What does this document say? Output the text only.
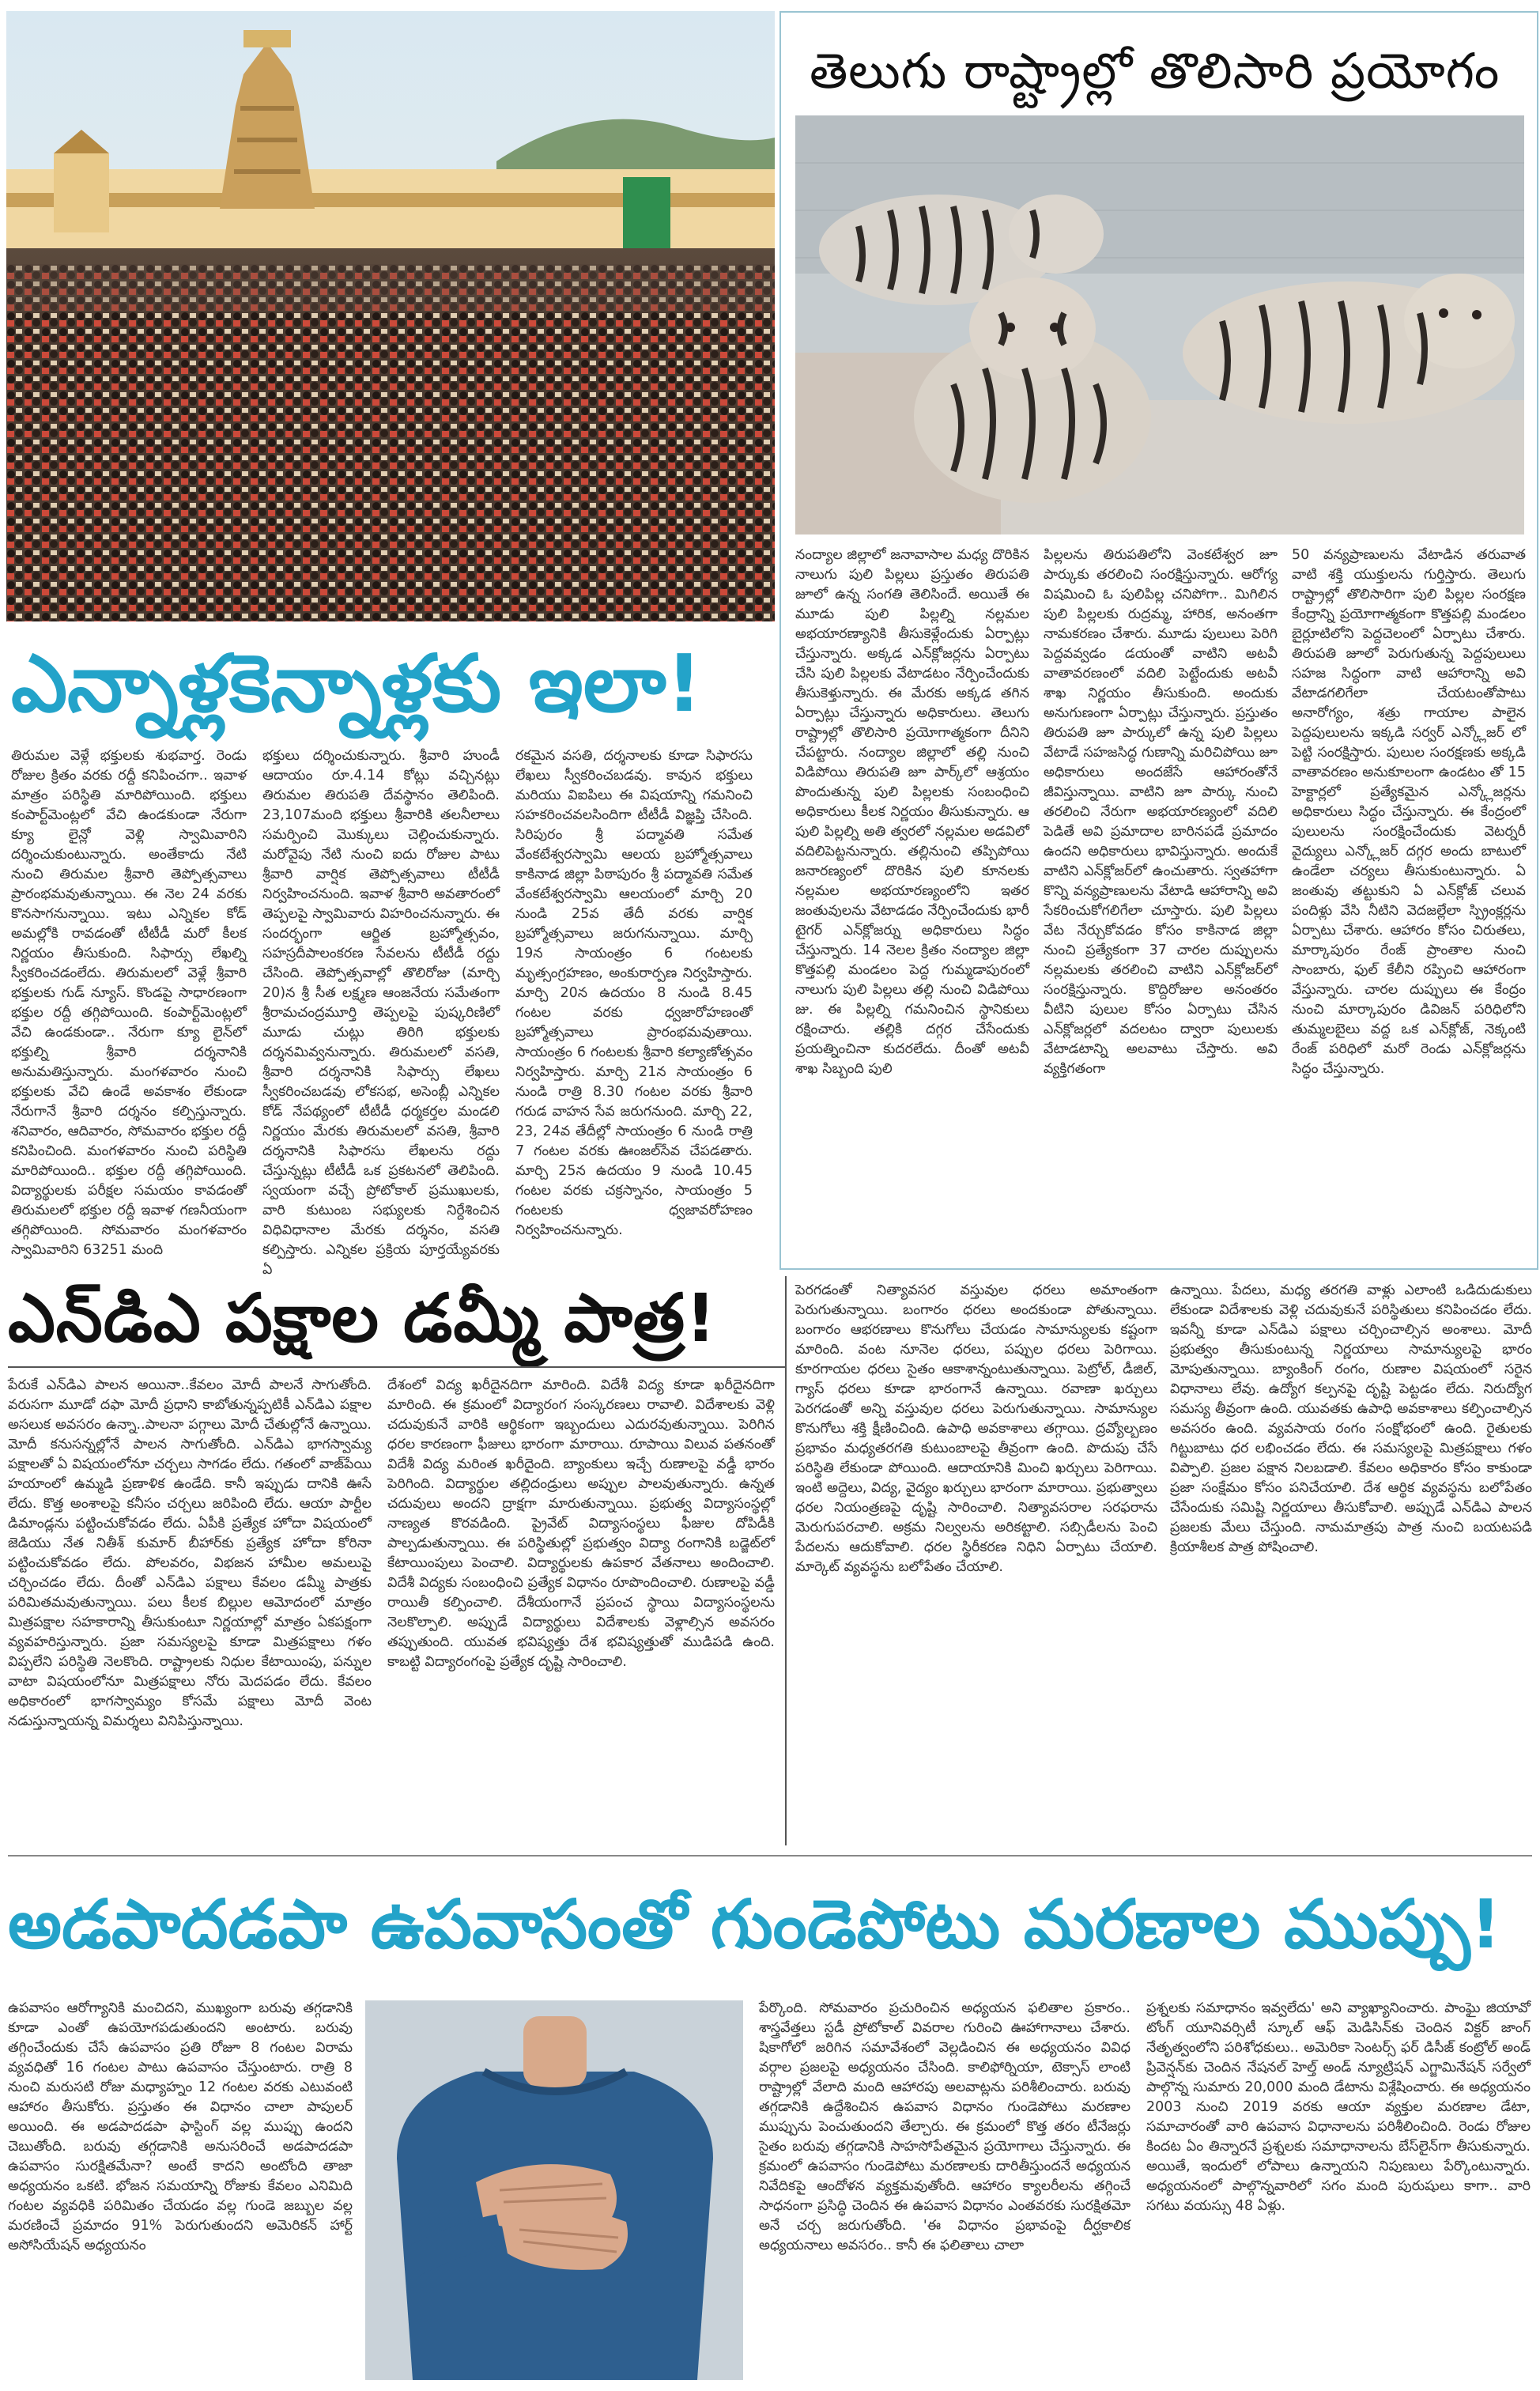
ఎన్నాళ్లకెన్నాళ్లకు ఇలా!
తిరుమల వెళ్లే భక్తులకు శుభవార్త. రెండు రోజుల క్రితం వరకు రద్దీ కనిపించగా.. ఇవాళ మాత్రం పరిస్థితి మారిపోయింది. భక్తులు కంపార్ట్‌మెంట్లలో వేచి ఉండకుండా నేరుగా క్యూ లైన్లో వెళ్లి స్వామివారిని దర్శించుకుంటున్నారు. అంతేకాదు నేటి నుంచి తిరుమల శ్రీవారి తెప్పోత్సవాలు ప్రారంభమవుతున్నాయి. ఈ నెల 24 వరకు కొనసాగనున్నాయి. ఇటు ఎన్నికల కోడ్ అమల్లోకి రావడంతో టీటీడీ మరో కీలక నిర్ణయం తీసుకుంది. సిఫార్సు లేఖల్ని స్వీకరించడంలేదు. తిరుమలలో వెళ్లే శ్రీవారి భక్తులకు గుడ్ న్యూస్. కొండపై సాధారణంగా భక్తుల రద్దీ తగ్గిపోయింది. కంపార్ట్‌మెంట్లలో వేచి ఉండకుండా.. నేరుగా క్యూ లైన్‌లో భక్తుల్ని శ్రీవారి దర్శనానికి అనుమతిస్తున్నారు. మంగళవారం నుంచి భక్తులకు వేచి ఉండే అవకాశం లేకుండా నేరుగానే శ్రీవారి దర్శనం కల్పిస్తున్నారు. శనివారం, ఆదివారం, సోమవారం భక్తుల రద్దీ కనిపించింది. మంగళవారం నుంచి పరిస్థితి మారిపోయింది.. భక్తుల రద్దీ తగ్గిపోయింది. విద్యార్థులకు పరీక్షల సమయం కావడంతో తిరుమలలో భక్తుల రద్దీ ఇవాళ గణనీయంగా తగ్గిపోయింది. సోమవారం మంగళవారం స్వామివారిని 63251 మంది
భక్తులు దర్శించుకున్నారు. శ్రీవారి హుండీ ఆదాయం రూ.4.14 కోట్లు వచ్చినట్లు తిరుమల తిరుపతి దేవస్థానం తెలిపింది. 23,107మంది భక్తులు శ్రీవారికి తలనీలాలు సమర్పించి మొక్కులు చెల్లించుకున్నారు. మరోవైపు నేటి నుంచి ఐదు రోజుల పాటు శ్రీవారి వార్షిక తెప్పోత్సవాలు టీటీడీ నిర్వహించనుంది. ఇవాళ శ్రీవారి అవతారంలో తెప్పలపై స్వామివారు విహరించనున్నారు. ఈ సందర్భంగా ఆర్జిత బ్రహ్మోత్సవం, సహస్రదీపాలంకరణ సేవలను టీటీడీ రద్దు చేసింది. తెప్పోత్సవాల్లో తొలిరోజు (మార్చి 20)న శ్రీ సీత లక్ష్మణ ఆంజనేయ సమేతంగా శ్రీరామచంద్రమూర్తి తెప్పలపై పుష్కరిణిలో మూడు చుట్లు తిరిగి భక్తులకు దర్శనమివ్వనున్నారు. తిరుమలలో వసతి, శ్రీవారి దర్శనానికి సిఫార్సు లేఖలు స్వీకరించబడవు లోకసభ, అసెంబ్లీ ఎన్నికల కోడ్ నేపథ్యంలో టీటీడీ ధర్మకర్తల మండలి నిర్ణయం మేరకు తిరుమలలో వసతి, శ్రీవారి దర్శనానికి సిఫారసు లేఖలను రద్దు చేస్తున్నట్లు టీటీడీ ఒక ప్రకటనలో తెలిపింది. స్వయంగా వచ్చే ప్రోటోకాల్ ప్రముఖులకు, వారి కుటుంబ సభ్యులకు నిర్దేశించిన విధివిధానాల మేరకు దర్శనం, వసతి కల్పిస్తారు. ఎన్నికల ప్రక్రియ పూర్తయ్యేవరకు ఏ
రకమైన వసతి, దర్శనాలకు కూడా సిఫారసు లేఖలు స్వీకరించబడవు. కావున భక్తులు మరియు విఐపిలు ఈ విషయాన్ని గమనించి సహకరించవలసిందిగా టీటీడీ విజ్ఞప్తి చేసింది. సిరిపురం శ్రీ పద్మావతి సమేత వేంకటేశ్వరస్వామి ఆలయ బ్రహ్మోత్సవాలు కాకినాడ జిల్లా పిఠాపురం శ్రీ పద్మావతి సమేత వేంకటేశ్వరస్వామి ఆలయంలో మార్చి 20 నుండి 25వ తేదీ వరకు వార్షిక బ్రహ్మోత్సవాలు జరుగనున్నాయి. మార్చి 19న సాయంత్రం 6 గంటలకు మృత్సంగ్రహణం, అంకురార్పణ నిర్వహిస్తారు. మార్చి 20న ఉదయం 8 నుండి 8.45 గంటల వరకు ధ్వజారోహణంతో బ్రహ్మోత్సవాలు ప్రారంభమవుతాయి. సాయంత్రం 6 గంటలకు శ్రీవారి కల్యాణోత్సవం నిర్వహిస్తారు. మార్చి 21న సాయంత్రం 6 నుండి రాత్రి 8.30 గంటల వరకు శ్రీవారి గరుడ వాహన సేవ జరుగనుంది. మార్చి 22, 23, 24వ తేదీల్లో సాయంత్రం 6 నుండి రాత్రి 7 గంటల వరకు ఊంజల్‌సేవ చేపడతారు. మార్చి 25న ఉదయం 9 నుండి 10.45 గంటల వరకు చక్రస్నానం, సాయంత్రం 5 గంటలకు ధ్వజావరోహణం నిర్వహించనున్నారు.
తెలుగు రాష్ట్రాల్లో తొలిసారి ప్రయోగం
నంద్యాల జిల్లాలో జనావాసాల మధ్య దొరికిన నాలుగు పులి పిల్లలు ప్రస్తుతం తిరుపతి జూలో ఉన్న సంగతి తెలిసిందే. అయితే ఈ మూడు పులి పిల్లల్ని నల్లమల అభయారణ్యానికి తీసుకెళ్లేందుకు ఏర్పాట్లు చేస్తున్నారు. అక్కడ ఎన్‌క్లోజర్లను ఏర్పాటు చేసి పులి పిల్లలకు వేటాడటం నేర్పించేందుకు తీసుకెళ్తున్నారు. ఈ మేరకు అక్కడ తగిన ఏర్పాట్లు చేస్తున్నారు అధికారులు. తెలుగు రాష్ట్రాల్లో తొలిసారి ప్రయోగాత్మకంగా దీనిని చేపట్టారు. నంద్యాల జిల్లాలో తల్లి నుంచి విడిపోయి తిరుపతి జూ పార్క్‌లో ఆశ్రయం పొందుతున్న పులి పిల్లలకు సంబంధించి అధికారులు కీలక నిర్ణయం తీసుకున్నారు. ఆ పులి పిల్లల్ని అతి త్వరలో నల్లమల అడవిలో వదిలిపెట్టనున్నారు. తల్లినుంచి తప్పిపోయి జనారణ్యంలో దొరికిన పులి కూనలకు నల్లమల అభయారణ్యంలోని ఇతర జంతువులను వేటాడడం నేర్పించేందుకు భారీ టైగర్ ఎన్‌క్లోజర్ను అధికారులు సిద్ధం చేస్తున్నారు. 14 నెలల క్రితం నంద్యాల జిల్లా కొత్తపల్లి మండలం పెద్ద గుమ్మడాపురంలో నాలుగు పులి పిల్లలు తల్లి నుంచి విడిపోయి జు. ఈ పిల్లల్ని గమనించిన స్థానికులు రక్షించారు. తల్లికి దగ్గర చేసేందుకు ప్రయత్నించినా కుదరలేదు. దీంతో అటవీ శాఖ సిబ్బంది పులి
పిల్లలను తిరుపతిలోని వెంకటేశ్వర జూ పార్కుకు తరలించి సంరక్షిస్తున్నారు. ఆరోగ్య విషమించి ఓ పులిపిల్ల చనిపోగా.. మిగిలిన పులి పిల్లలకు రుద్రమ్మ, హారిక, అనంతగా నామకరణం చేశారు. మూడు పులులు పెరిగి పెద్దవవ్వడం డయంతో వాటిని అటవీ వాతావరణంలో వదిలి పెట్టేందుకు అటవీ శాఖ నిర్ణయం తీసుకుంది. అందుకు అనుగుణంగా ఏర్పాట్లు చేస్తున్నారు. ప్రస్తుతం తిరుపతి జూ పార్కులో ఉన్న పులి పిల్లలు వేటాడే సహజసిద్ధ గుణాన్ని మరిచిపోయి జూ అధికారులు అందజేసే ఆహారంతోనే జీవిస్తున్నాయి. వాటిని జూ పార్కు నుంచి తరలించి నేరుగా అభయారణ్యంలో వదిలి పెడితే అవి ప్రమాదాల బారినపడే ప్రమాదం ఉందని అధికారులు భావిస్తున్నారు. అందుకే వాటిని ఎన్‌క్లోజర్‌లో ఉంచుతారు. స్వతహాగా కొన్ని వన్యప్రాణులను వేటాడి ఆహారాన్ని అవి సేకరించుకోగలిగేలా చూస్తారు. పులి పిల్లలు వేట నేర్చుకోవడం కోసం కాకినాడ జిల్లా నుంచి ప్రత్యేకంగా 37 చారల దుప్పులను నల్లమలకు తరలించి వాటిని ఎన్‌క్లోజర్‌లో సంరక్షిస్తున్నారు. కొద్దిరోజుల అనంతరం వీటిని పులుల కోసం ఏర్పాటు చేసిన ఎన్‌క్లోజర్లలో వదలటం ద్వారా పులులకు వేటాడటాన్ని అలవాటు చేస్తారు. అవి వ్యక్తిగతంగా
50 వన్యప్రాణులను వేటాడిన తరువాత వాటి శక్తి యుక్తులను గుర్తిస్తారు. తెలుగు రాష్ట్రాల్లో తొలిసారిగా పులి పిల్లల సంరక్షణ కేంద్రాన్ని ప్రయోగాత్మకంగా కొత్తపల్లి మండలం బైర్లూటిలోని పెద్దచెలంలో ఏర్పాటు చేశారు. తిరుపతి జూలో పెరుగుతున్న పెద్దపులులు సహజ సిద్ధంగా వాటి ఆహారాన్ని అవి వేటాడగలిగేలా చేయటంతోపాటు అనారోగ్యం, శత్రు గాయాల పాలైన పెద్దపులులను ఇక్కడి సర్వర్ ఎన్క్లోజర్ లో పెట్టి సంరక్షిస్తారు. పులుల సంరక్షణకు అక్కడి వాతావరణం అనుకూలంగా ఉండటం తో 15 హెక్టార్లలో ప్రత్యేకమైన ఎన్క్లోజర్లను అధికారులు సిద్ధం చేస్తున్నారు. ఈ కేంద్రంలో పులులను సంరక్షించేందుకు వెటర్నరీ వైద్యులు ఎన్క్లోజర్ దగ్గర అందు బాటులో ఉండేలా చర్యలు తీసుకుంటున్నారు. ఏ జంతువు తట్టుకుని ఏ ఎన్‌క్లోజ్ చలువ పందిళ్లు వేసి నీటిని వెదజల్లేలా స్ప్రింక్లర్లను ఏర్పాటు చేశారు. ఆహారం కోసం చిరుతలు, మార్కాపురం రేంజ్ ప్రాంతాల నుంచి సాంబారు, ఫుల్ కేలీని రప్పించి ఆహారంగా వేస్తున్నారు. చారల దుప్పులు ఈ కేంద్రం నుంచి మార్కాపురం డివిజన్ పరిధిలోని తుమ్మలబైలు వద్ద ఒక ఎన్‌క్లోజ్, నెక్కంటి రేంజ్ పరిధిలో మరో రెండు ఎన్‌క్లోజర్లను సిద్ధం చేస్తున్నారు.
ఎన్‌డిఎ పక్షాల డమ్మీ పాత్ర!
పేరుకే ఎన్‌డిఎ పాలన అయినా..కేవలం మోదీ పాలనే సాగుతోంది. వరుసగా మూడో దఫా మోదీ ప్రధాని కాబోతున్నప్పటికీ ఎన్‌డిఎ పక్షాల అసలుక అవసరం ఉన్నా..పాలనా పగ్గాలు మోదీ చేతుల్లోనే ఉన్నాయి. మోదీ కనుసన్నల్లోనే పాలన సాగుతోంది. ఎన్‌డిఎ భాగస్వామ్య పక్షాలతో ఏ విషయంలోనూ చర్చలు సాగడం లేదు. గతంలో వాజ్‌పేయి హయాంలో ఉమ్మడి ప్రణాళిక ఉండేది. కానీ ఇప్పుడు దానికి ఊసే లేదు. కొత్త అంశాలపై కనీసం చర్చలు జరిపింది లేదు. ఆయా పార్టీల డిమాండ్లను పట్టించుకోవడం లేదు. ఏపీకి ప్రత్యేక హోదా విషయంలో జెడియు నేత నితీశ్ కుమార్ బీహార్‌కు ప్రత్యేక హోదా కోరినా పట్టించుకోవడం లేదు. పోలవరం, విభజన హామీల అమలుపై చర్చించడం లేదు. దీంతో ఎన్‌డిఎ పక్షాలు కేవలం డమ్మీ పాత్రకు పరిమితమవుతున్నాయి. పలు కీలక బిల్లుల ఆమోదంలో మాత్రం మిత్రపక్షాల సహకారాన్ని తీసుకుంటూ నిర్ణయాల్లో మాత్రం ఏకపక్షంగా వ్యవహరిస్తున్నారు. ప్రజా సమస్యలపై కూడా మిత్రపక్షాలు గళం విప్పలేని పరిస్థితి నెలకొంది. రాష్ట్రాలకు నిధుల కేటాయింపు, పన్నుల వాటా విషయంలోనూ మిత్రపక్షాలు నోరు మెదపడం లేదు. కేవలం అధికారంలో భాగస్వామ్యం కోసమే పక్షాలు మోదీ వెంట నడుస్తున్నాయన్న విమర్శలు వినిపిస్తున్నాయి.
దేశంలో విద్య ఖరీదైనదిగా మారింది. విదేశీ విద్య కూడా ఖరీదైనదిగా మారింది. ఈ క్రమంలో విద్యారంగ సంస్కరణలు రావాలి. విదేశాలకు వెళ్లి చదువుకునే వారికి ఆర్థికంగా ఇబ్బందులు ఎదురవుతున్నాయి. పెరిగిన ధరల కారణంగా ఫీజులు భారంగా మారాయి. రూపాయి విలువ పతనంతో విదేశీ విద్య మరింత ఖరీదైంది. బ్యాంకులు ఇచ్చే రుణాలపై వడ్డీ భారం పెరిగింది. విద్యార్థుల తల్లిదండ్రులు అప్పుల పాలవుతున్నారు. ఉన్నత చదువులు అందని ద్రాక్షగా మారుతున్నాయి. ప్రభుత్వ విద్యాసంస్థల్లో నాణ్యత కొరవడింది. ప్రైవేట్ విద్యాసంస్థలు ఫీజుల దోపిడీకి పాల్పడుతున్నాయి. ఈ పరిస్థితుల్లో ప్రభుత్వం విద్యా రంగానికి బడ్జెట్‌లో కేటాయింపులు పెంచాలి. విద్యార్థులకు ఉపకార వేతనాలు అందించాలి. విదేశీ విద్యకు సంబంధించి ప్రత్యేక విధానం రూపొందించాలి. రుణాలపై వడ్డీ రాయితీ కల్పించాలి. దేశీయంగానే ప్రపంచ స్థాయి విద్యాసంస్థలను నెలకొల్పాలి. అప్పుడే విద్యార్థులు విదేశాలకు వెళ్లాల్సిన అవసరం తప్పుతుంది. యువత భవిష్యత్తు దేశ భవిష్యత్తుతో ముడిపడి ఉంది. కాబట్టి విద్యారంగంపై ప్రత్యేక దృష్టి సారించాలి.
పెరగడంతో నిత్యావసర వస్తువుల ధరలు అమాంతంగా పెరుగుతున్నాయి. బంగారం ధరలు అందకుండా పోతున్నాయి. బంగారం ఆభరణాలు కొనుగోలు చేయడం సామాన్యులకు కష్టంగా మారింది. వంట నూనెల ధరలు, పప్పుల ధరలు పెరిగాయి. కూరగాయల ధరలు సైతం ఆకాశాన్నంటుతున్నాయి. పెట్రోల్, డీజిల్, గ్యాస్ ధరలు కూడా భారంగానే ఉన్నాయి. రవాణా ఖర్చులు పెరగడంతో అన్ని వస్తువుల ధరలు పెరుగుతున్నాయి. సామాన్యుల కొనుగోలు శక్తి క్షీణించింది. ఉపాధి అవకాశాలు తగ్గాయి. ద్రవ్యోల్బణం ప్రభావం మధ్యతరగతి కుటుంబాలపై తీవ్రంగా ఉంది. పొదుపు చేసే పరిస్థితి లేకుండా పోయింది. ఆదాయానికి మించి ఖర్చులు పెరిగాయి. ఇంటి అద్దెలు, విద్య, వైద్యం ఖర్చులు భారంగా మారాయి. ప్రభుత్వాలు ధరల నియంత్రణపై దృష్టి సారించాలి. నిత్యావసరాల సరఫరాను మెరుగుపరచాలి. అక్రమ నిల్వలను అరికట్టాలి. సబ్సిడీలను పెంచి పేదలను ఆదుకోవాలి. ధరల స్థిరీకరణ నిధిని ఏర్పాటు చేయాలి. మార్కెట్ వ్యవస్థను బలోపేతం చేయాలి.
ఉన్నాయి. పేదలు, మధ్య తరగతి వాళ్లు ఎలాంటి ఒడిదుడుకులు లేకుండా విదేశాలకు వెళ్లి చదువుకునే పరిస్థితులు కనిపించడం లేదు. ఇవన్నీ కూడా ఎన్‌డిఎ పక్షాలు చర్చించాల్సిన అంశాలు. మోదీ ప్రభుత్వం తీసుకుంటున్న నిర్ణయాలు సామాన్యులపై భారం మోపుతున్నాయి. బ్యాంకింగ్ రంగం, రుణాల విషయంలో సరైన విధానాలు లేవు. ఉద్యోగ కల్పనపై దృష్టి పెట్టడం లేదు. నిరుద్యోగ సమస్య తీవ్రంగా ఉంది. యువతకు ఉపాధి అవకాశాలు కల్పించాల్సిన అవసరం ఉంది. వ్యవసాయ రంగం సంక్షోభంలో ఉంది. రైతులకు గిట్టుబాటు ధర లభించడం లేదు. ఈ సమస్యలపై మిత్రపక్షాలు గళం విప్పాలి. ప్రజల పక్షాన నిలబడాలి. కేవలం అధికారం కోసం కాకుండా ప్రజా సంక్షేమం కోసం పనిచేయాలి. దేశ ఆర్థిక వ్యవస్థను బలోపేతం చేసేందుకు సమిష్టి నిర్ణయాలు తీసుకోవాలి. అప్పుడే ఎన్‌డిఎ పాలన ప్రజలకు మేలు చేస్తుంది. నామమాత్రపు పాత్ర నుంచి బయటపడి క్రియాశీలక పాత్ర పోషించాలి.
అడపాదడపా ఉపవాసంతో గుండెపోటు మరణాల ముప్పు!
ఉపవాసం ఆరోగ్యానికి మంచిదని, ముఖ్యంగా బరువు తగ్గడానికి కూడా ఎంతో ఉపయోగపడుతుందని అంటారు. బరువు తగ్గించేందుకు చేసే ఉపవాసం ప్రతి రోజూ 8 గంటల విరామ వ్యవధితో 16 గంటల పాటు ఉపవాసం చేస్తుంటారు. రాత్రి 8 నుంచి మరుసటి రోజు మధ్యాహ్నం 12 గంటల వరకు ఎటువంటి ఆహారం తీసుకోరు. ప్రస్తుతం ఈ విధానం చాలా పాపులర్ అయింది. ఈ అడపాదడపా ఫాస్టింగ్ వల్ల ముప్పు ఉందని చెబుతోంది. బరువు తగ్గడానికి అనుసరించే అడపాదడపా ఉపవాసం సురక్షితమేనా? అంటే కాదని అంటోంది తాజా అధ్యయనం ఒకటి. భోజన సమయాన్ని రోజుకు కేవలం ఎనిమిది గంటల వ్యవధికి పరిమితం చేయడం వల్ల గుండె జబ్బుల వల్ల మరణించే ప్రమాదం 91% పెరుగుతుందని అమెరికన్ హార్ట్ అసోసియేషన్ అధ్యయనం
పేర్కొంది. సోమవారం ప్రచురించిన అధ్యయన ఫలితాల ప్రకారం.. శాస్త్రవేత్తలు స్టడీ ప్రోటోకాల్ వివరాల గురించి ఊహాగానాలు చేశారు. షికాగోలో జరిగిన సమావేశంలో వెల్లడించిన ఈ అధ్యయనం వివిధ వర్గాల ప్రజలపై అధ్యయనం చేసింది. కాలిఫోర్నియా, టెక్సాస్ లాంటి రాష్ట్రాల్లో వేలాది మంది ఆహారపు అలవాట్లను పరిశీలించారు. బరువు తగ్గడానికి ఉద్దేశించిన ఉపవాస విధానం గుండెపోటు మరణాల ముప్పును పెంచుతుందని తేల్చారు. ఈ క్రమంలో కొత్త తరం టీనేజర్లు సైతం బరువు తగ్గడానికి సాహసోపేతమైన ప్రయోగాలు చేస్తున్నారు. ఈ క్రమంలో ఉపవాసం గుండెపోటు మరణాలకు దారితీస్తుందనే అధ్యయన నివేదికపై ఆందోళన వ్యక్తమవుతోంది. ఆహారం క్యాలరీలను తగ్గించే సాధనంగా ప్రసిద్ధి చెందిన ఈ ఉపవాస విధానం ఎంతవరకు సురక్షితమో అనే చర్చ జరుగుతోంది. 'ఈ విధానం ప్రభావంపై దీర్ఘకాలిక అధ్యయనాలు అవసరం.. కానీ ఈ ఫలితాలు చాలా
ప్రశ్నలకు సమాధానం ఇవ్వలేదు' అని వ్యాఖ్యానించారు. పాంఘై జియావో టోంగ్ యూనివర్సిటీ స్కూల్ ఆఫ్ మెడిసిన్‌కు చెందిన విక్టర్ జాంగ్ నేతృత్వంలోని పరిశోధకులు.. అమెరికా సెంటర్స్ ఫర్ డిసీజ్ కంట్రోల్ అండ్ ప్రివెన్షన్‌కు చెందిన నేషనల్ హెల్త్ అండ్ న్యూట్రిషన్ ఎగ్జామినేషన్ సర్వేలో పాల్గొన్న సుమారు 20,000 మంది డేటాను విశ్లేషించారు. ఈ అధ్యయనం 2003 నుంచి 2019 వరకు ఆయా వ్యక్తుల మరణాల డేటా, సమాచారంతో వారి ఉపవాస విధానాలను పరిశీలించింది. రెండు రోజుల కిందట ఏం తిన్నారనే ప్రశ్నలకు సమాధానాలను బేస్‌లైన్‌గా తీసుకున్నారు. అయితే, ఇందులో లోపాలు ఉన్నాయని నిపుణులు పేర్కొంటున్నారు. అధ్యయనంలో పాల్గొన్నవారిలో సగం మంది పురుషులు కాగా.. వారి సగటు వయస్సు 48 ఏళ్లు.
